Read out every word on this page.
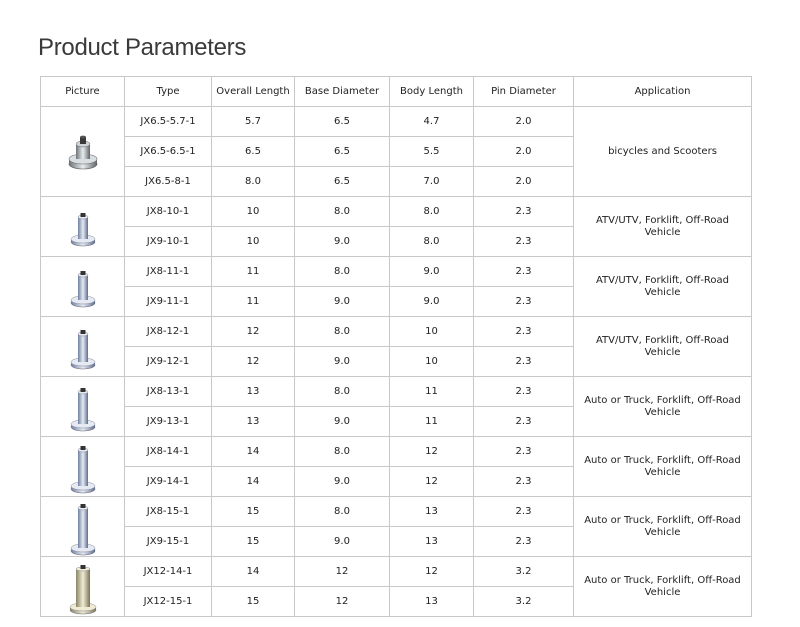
Product Parameters
Picture	Type	Overall Length	Base Diameter	Body Length	Pin Diameter	Application

	JX6.5-5.7-1	5.7	6.5	4.7	2.0	bicycles and Scooters
	JX6.5-6.5-1	6.5	6.5	5.5	2.0	
	JX6.5-8-1	8.0	6.5	7.0	2.0	

	JX8-10-1	10	8.0	8.0	2.3	ATV/UTV, Forklift, Off-Road Vehicle
	JX9-10-1	10	9.0	8.0	2.3	

	JX8-11-1	11	8.0	9.0	2.3	ATV/UTV, Forklift, Off-Road Vehicle
	JX9-11-1	11	9.0	9.0	2.3	

	JX8-12-1	12	8.0	10	2.3	ATV/UTV, Forklift, Off-Road Vehicle
	JX9-12-1	12	9.0	10	2.3	

	JX8-13-1	13	8.0	11	2.3	Auto or Truck, Forklift, Off-Road Vehicle
	JX9-13-1	13	9.0	11	2.3	

	JX8-14-1	14	8.0	12	2.3	Auto or Truck, Forklift, Off-Road Vehicle
	JX9-14-1	14	9.0	12	2.3	

	JX8-15-1	15	8.0	13	2.3	Auto or Truck, Forklift, Off-Road Vehicle
	JX9-15-1	15	9.0	13	2.3	

	JX12-14-1	14	12	12	3.2	Auto or Truck, Forklift, Off-Road Vehicle
	JX12-15-1	15	12	13	3.2	
